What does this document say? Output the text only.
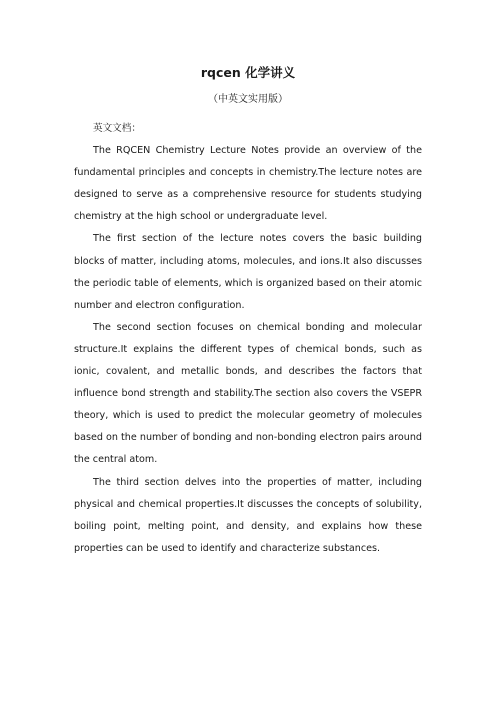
rqcen 化学讲义
（中英文实用版）

英文文档：

The RQCEN Chemistry Lecture Notes provide an overview of the fundamental principles and concepts in chemistry.The lecture notes are designed to serve as a comprehensive resource for students studying chemistry at the high school or undergraduate level.

The first section of the lecture notes covers the basic building blocks of matter, including atoms, molecules, and ions.It also discusses the periodic table of elements, which is organized based on their atomic number and electron configuration.

The second section focuses on chemical bonding and molecular structure.It explains the different types of chemical bonds, such as ionic, covalent, and metallic bonds, and describes the factors that influence bond strength and stability.The section also covers the VSEPR theory, which is used to predict the molecular geometry of molecules based on the number of bonding and non-bonding electron pairs around the central atom.

The third section delves into the properties of matter, including physical and chemical properties.It discusses the concepts of solubility, boiling point, melting point, and density, and explains how these properties can be used to identify and characterize substances.
